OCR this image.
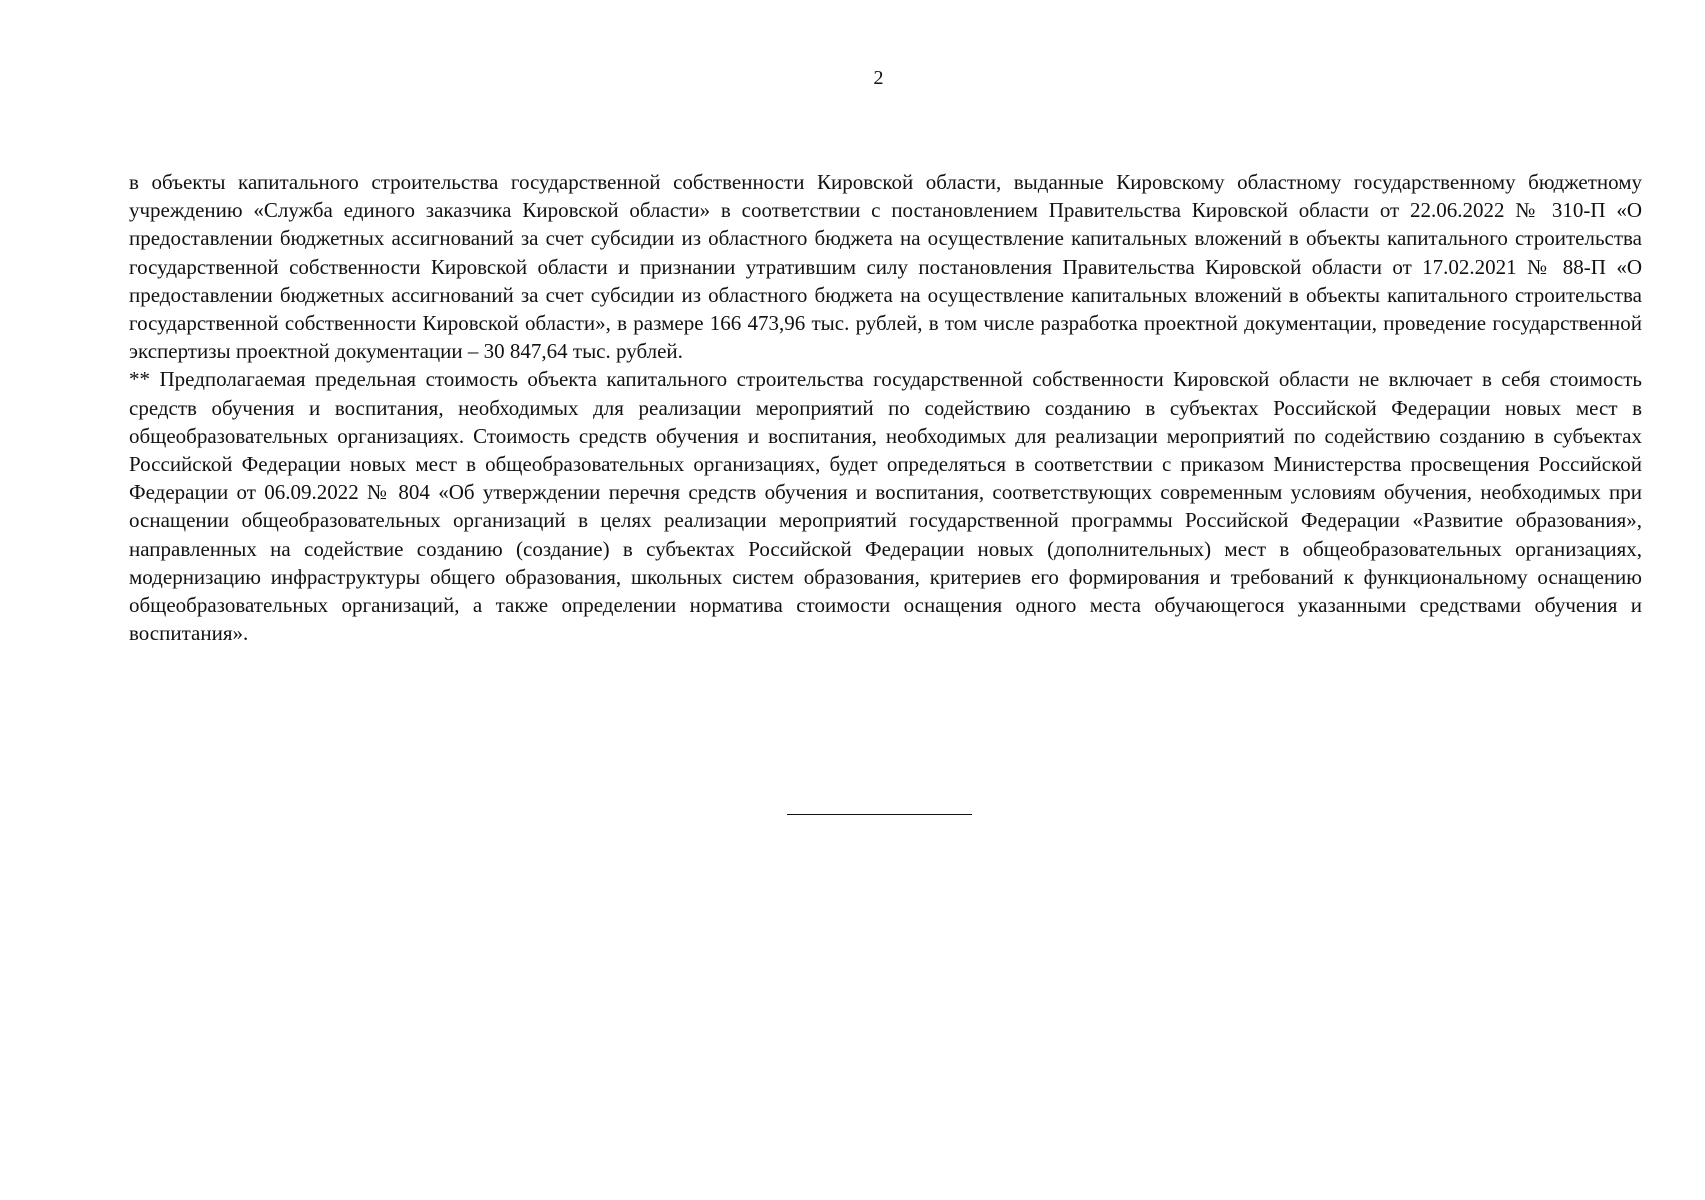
2

в объекты капитального строительства государственной собственности Кировской области, выданные Кировскому областному государственному бюджетному учреждению «Служба единого заказчика Кировской области» в соответствии с постановлением Правительства Кировской области от 22.06.2022 № 310-П «О предоставлении бюджетных ассигнований за счет субсидии из областного бюджета на осуществление капитальных вложений в объекты капитального строительства государственной собственности Кировской области и признании утратившим силу постановления Правительства Кировской области от 17.02.2021 № 88-П «О предоставлении бюджетных ассигнований за счет субсидии из областного бюджета на осуществление капитальных вложений в объекты капитального строительства государственной собственности Кировской области», в размере 166 473,96 тыс. рублей, в том числе разработка проектной документации, проведение государственной экспертизы проектной документации – 30 847,64 тыс. рублей.

** Предполагаемая предельная стоимость объекта капитального строительства государственной собственности Кировской области не включает в себя стоимость средств обучения и воспитания, необходимых для реализации мероприятий по содействию созданию в субъектах Российской Федерации новых мест в общеобразовательных организациях. Стоимость средств обучения и воспитания, необходимых для реализации мероприятий по содействию созданию в субъектах Российской Федерации новых мест в общеобразовательных организациях, будет определяться в соответствии с приказом Министерства просвещения Российской Федерации от 06.09.2022 № 804 «Об утверждении перечня средств обучения и воспитания, соответствующих современным условиям обучения, необходимых при оснащении общеобразовательных организаций в целях реализации мероприятий государственной программы Российской Федерации «Развитие образования», направленных на содействие созданию (создание) в субъектах Российской Федерации новых (дополнительных) мест в общеобразовательных организациях, модернизацию инфраструктуры общего образования, школьных систем образования, критериев его формирования и требований к функциональному оснащению общеобразовательных организаций, а также определении норматива стоимости оснащения одного места обучающегося указанными средствами обучения и воспитания».
